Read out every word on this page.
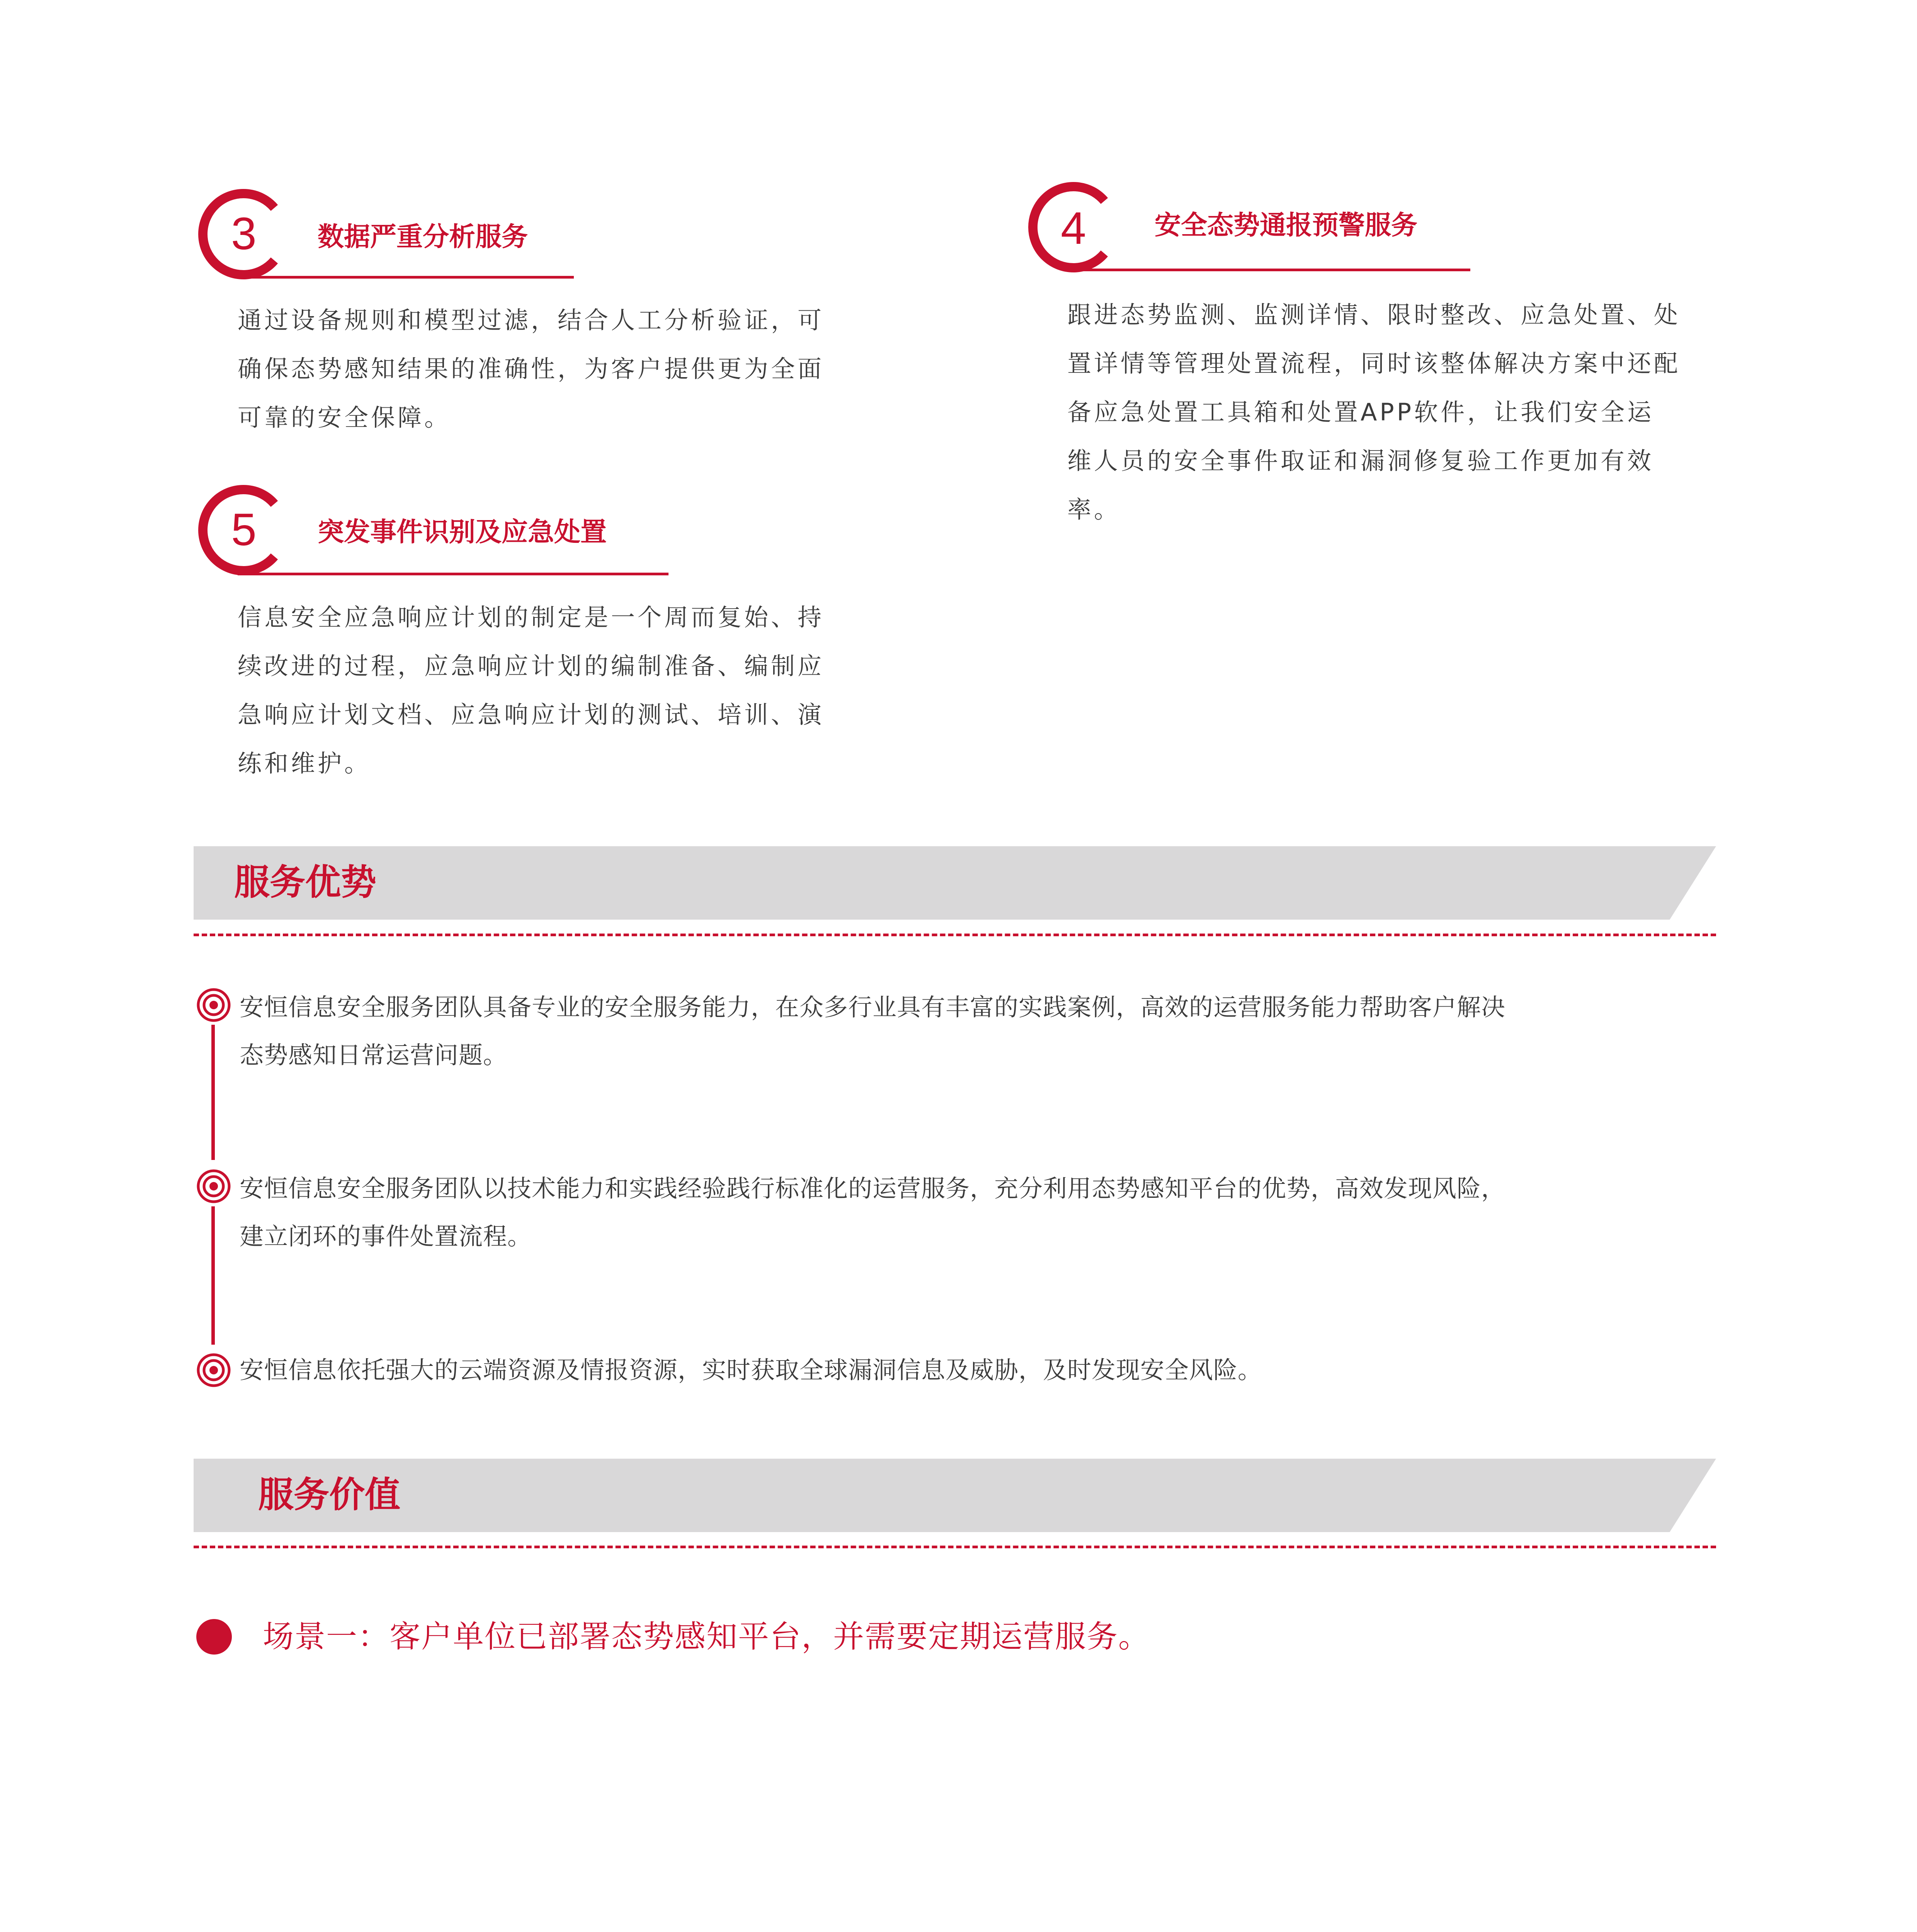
3	数据严重分析服务
通过设备规则和模型过滤，结合人工分析验证，可
确保态势感知结果的准确性，为客户提供更为全面
可靠的安全保障。
4	安全态势通报预警服务
跟进态势监测、监测详情、限时整改、应急处置、处
置详情等管理处置流程，同时该整体解决方案中还配
备应急处置工具箱和处置APP软件，让我们安全运
维人员的安全事件取证和漏洞修复验工作更加有效
率。
5	突发事件识别及应急处置
信息安全应急响应计划的制定是一个周而复始、持
续改进的过程，应急响应计划的编制准备、编制应
急响应计划文档、应急响应计划的测试、培训、演
练和维护。
服务优势
安恒信息安全服务团队具备专业的安全服务能力，在众多行业具有丰富的实践案例，高效的运营服务能力帮助客户解决
态势感知日常运营问题。
安恒信息安全服务团队以技术能力和实践经验践行标准化的运营服务，充分利用态势感知平台的优势，高效发现风险，
建立闭环的事件处置流程。
安恒信息依托强大的云端资源及情报资源，实时获取全球漏洞信息及威胁，及时发现安全风险。
服务价值
场景一：客户单位已部署态势感知平台，并需要定期运营服务。
